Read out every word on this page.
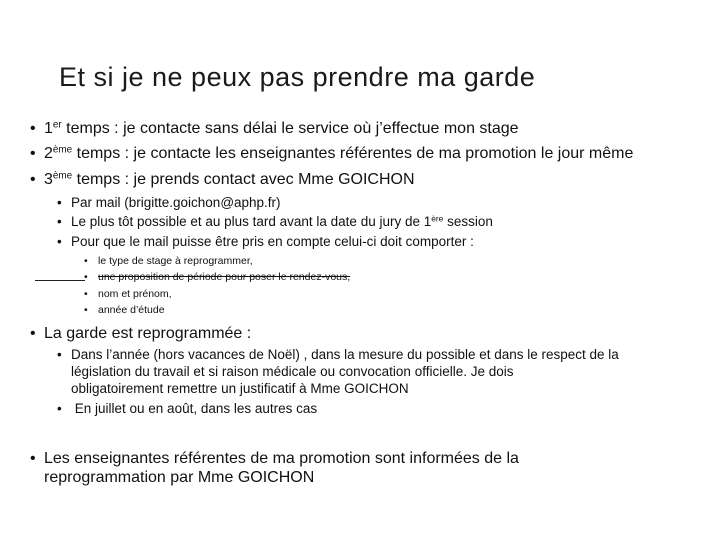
Et si je ne peux pas prendre ma garde
• 1er temps : je contacte sans délai le service où j’effectue mon stage
• 2ème temps : je contacte les enseignantes référentes de ma promotion le jour même
• 3ème temps : je prends contact avec Mme GOICHON
• Par mail (brigitte.goichon@aphp.fr)
• Le plus tôt possible et au plus tard avant la date du jury de 1ère session
• Pour que le mail puisse être pris en compte celui-ci doit comporter :
• le type de stage à reprogrammer,
• une proposition de période pour poser le rendez-vous,
• nom et prénom,
• année d’étude
• La garde est reprogrammée :
• Dans l’année (hors vacances de Noël) , dans la mesure du possible et dans le respect de la
législation du travail et si raison médicale ou convocation officielle. Je dois
obligatoirement remettre un justificatif à Mme GOICHON
• En juillet ou en août, dans les autres cas
• Les enseignantes référentes de ma promotion sont informées de la
reprogrammation par Mme GOICHON
